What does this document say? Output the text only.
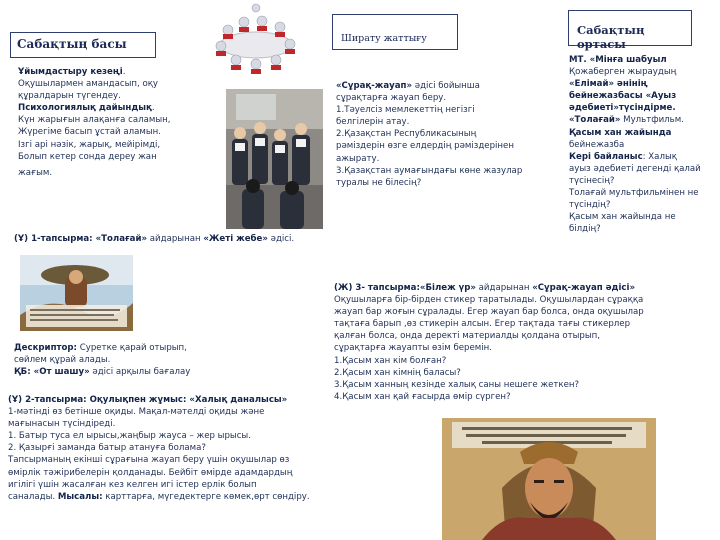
Сабақтың басы	Ширату жаттығу
Сабақтың ортасы
Ұйымдастыру кезеңі.
Оқушылармен амандасып, оқу
құралдарын түгендеу.
Психологиялық дайындық.
Күн жарығын алақанға саламын,
Жүрегіме басып ұстай аламын.
Ізгі арі нәзік, жарық, мейірімді,
Болып кетер сонда дереу жан
жағым.
«Сұрақ-жауап» әдісі бойынша
сұрақтарға жауап беру.
1.Тәуелсіз мемлекеттің негізгі
белгілерін атау.
2.Қазақстан Республикасының
рәміздерін өзге елдердің рәміздерінен
ажырату.
3.Қазақстан аумағындағы көне жазулар
туралы не білесің?
МТ. «Мінға шабуыл
Қожаберген жыраудың
«Елімай» әнінің
бейнежазбасы «Ауыз
әдебиеті»түсіндірме.
«Толағай» Мультфильм.
Қасым хан жайында
бейнежазба
Кері байланыс: Халық
ауыз әдебиеті дегенді қалай
түсінесің?
Толағай мультфильмінен не
түсіндің?
Қасым хан жайында не
білдің?
(Ұ) 1-тапсырма: «Толағай» айдарынан «Жеті жебе» әдісі.
Дескриптор: Суретке қарай отырып,
сөйлем құрай алады.
ҚБ: «От шашу» әдісі арқылы бағалау
(Ұ) 2-тапсырма: Оқулықпен жұмыс: «Халық даналысы»
1-мәтінді өз бетінше оқиды. Мақал-мәтелді оқиды және
мағынасын түсіндіреді.
1. Батыр туса ел ырысы,жаңбыр жауса – жер ырысы.
2. Қазырғі заманда батыр атануға болама?
Тапсырманың екінші сұрағына жауап беру үшін оқушылар өз
өмірлік тәжірибелерін қолданады. Бейбіт өмірде адамдардың
игілігі үшін жасалған кез келген игі істер ерлік болып
саналады. Мысалы: карттарға, мүгедектерге көмек,өрт сөндіру.
(Ж) 3- тапсырма:«Білеж үр» айдарынан «Сұрақ-жауап әдісі»
Оқушыларға бір-бірден стикер таратылады. Оқушылардан сұраққа
жауап бар жоғын сұралады. Егер жауап бар болса, онда оқушылар
тақтаға барып ,өз стикерін алсын. Егер тақтада тағы стикерлер
қалған болса, онда деректі материалды қолдана отырып,
сұрақтарға жауапты өзім беремін.
1.Қасым хан кім болған?
2.Қасым хан кімнің баласы?
3.Қасым ханның кезінде халық саны нешеге жеткен?
4.Қасым хан қай ғасырда өмір сүрген?
